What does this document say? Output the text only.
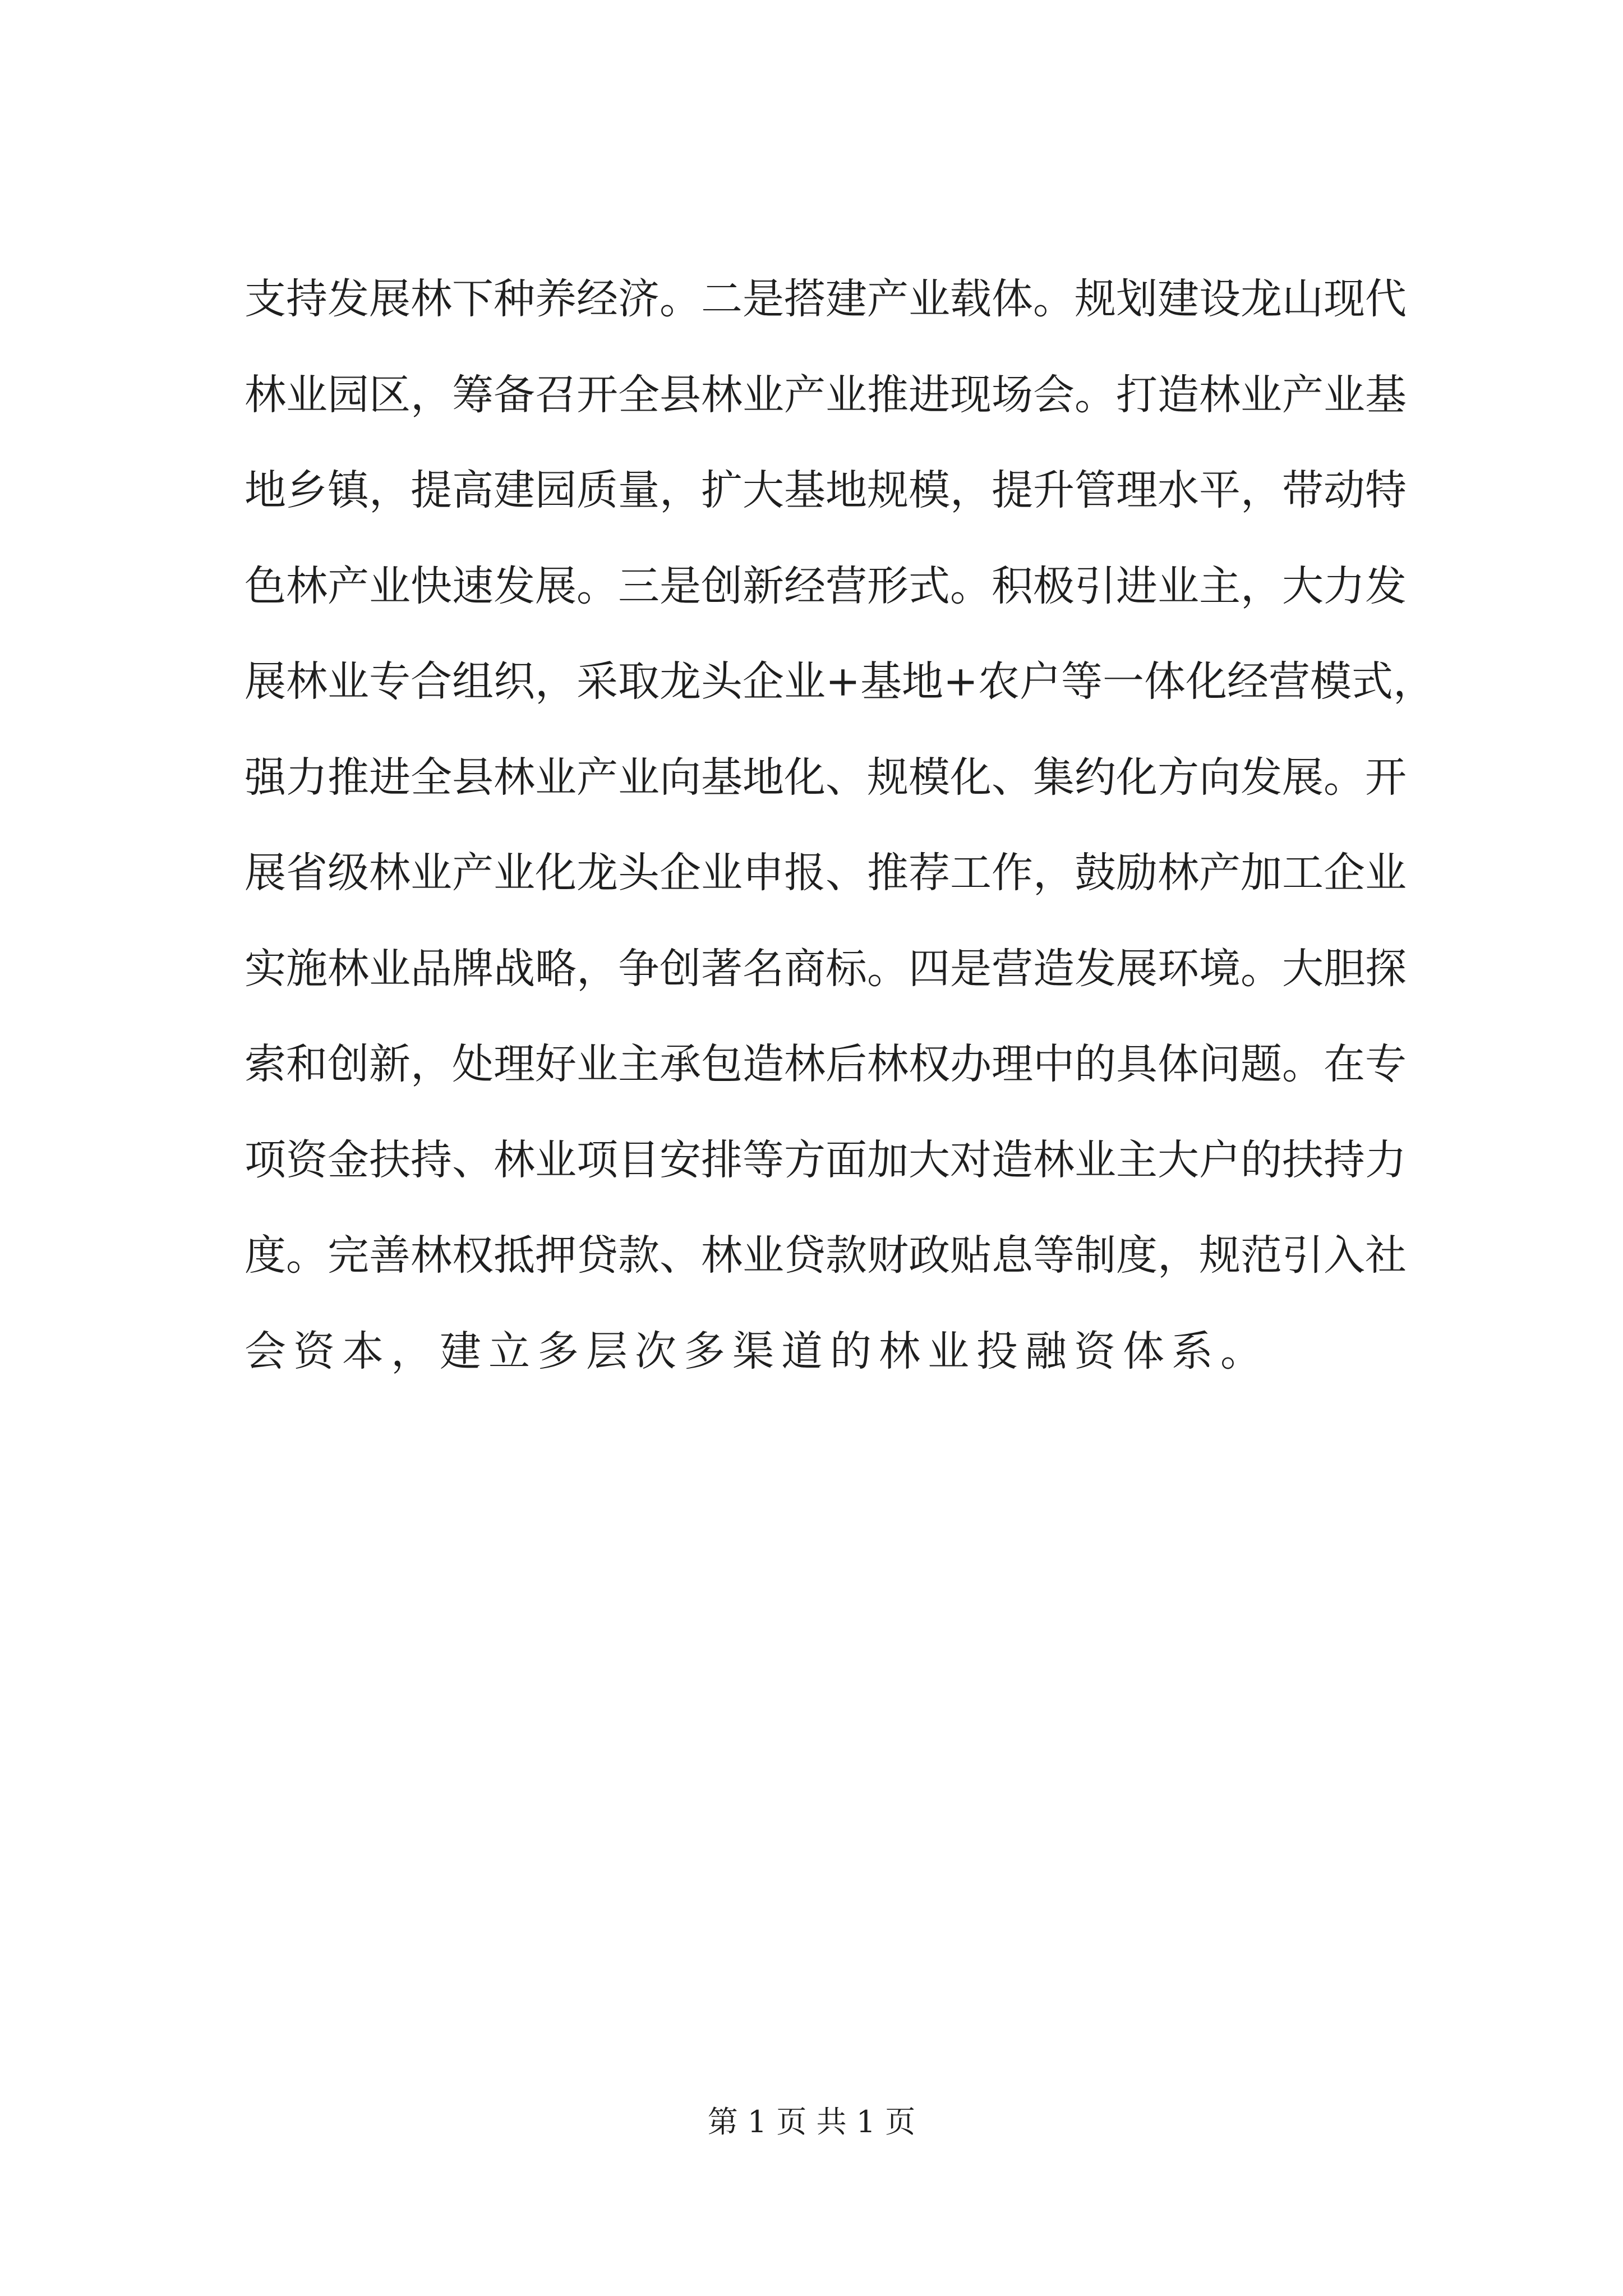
支持发展林下种养经济。二是搭建产业载体。规划建设龙山现代
林业园区，筹备召开全县林业产业推进现场会。打造林业产业基
地乡镇，提高建园质量，扩大基地规模，提升管理水平，带动特
色林产业快速发展。三是创新经营形式。积极引进业主，大力发
展林业专合组织，采取龙头企业+基地+农户等一体化经营模式，
强力推进全县林业产业向基地化、规模化、集约化方向发展。开
展省级林业产业化龙头企业申报、推荐工作，鼓励林产加工企业
实施林业品牌战略，争创著名商标。四是营造发展环境。大胆探
索和创新，处理好业主承包造林后林权办理中的具体问题。在专
项资金扶持、林业项目安排等方面加大对造林业主大户的扶持力
度。完善林权抵押贷款、林业贷款财政贴息等制度，规范引入社
会资本，建立多层次多渠道的林业投融资体系。
第 1 页 共 1 页
